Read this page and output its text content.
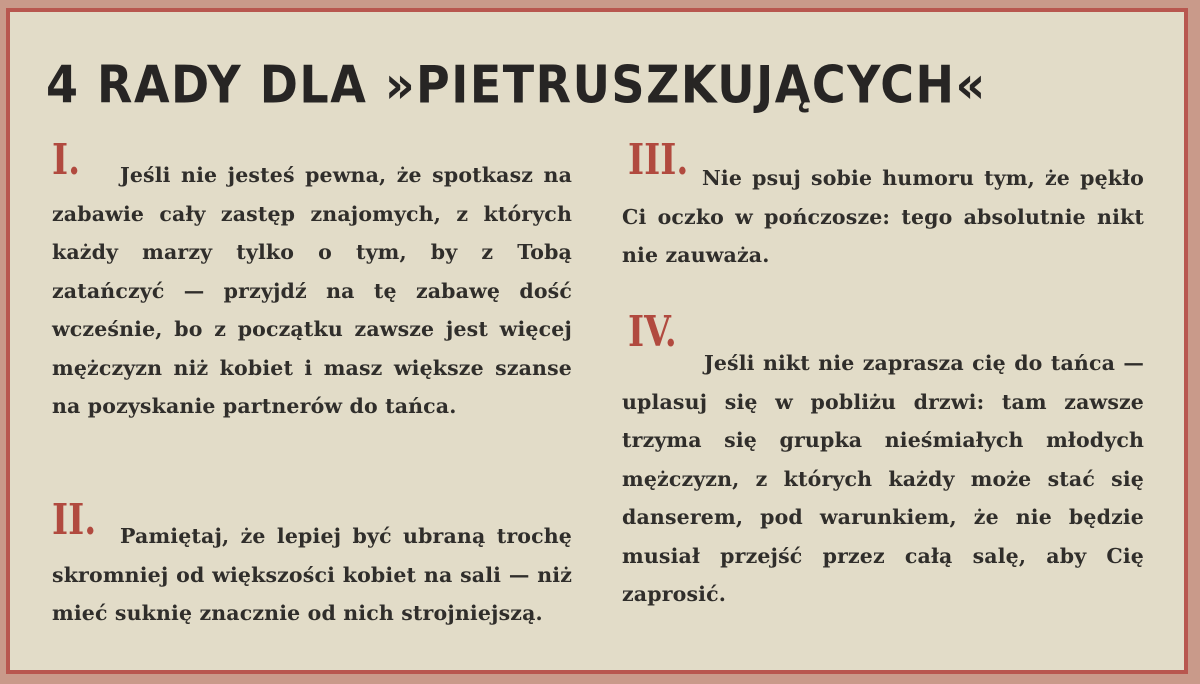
4 RADY DLA »PIETRUSZKUJĄCYCH«
I.	Jeśli nie jesteś pewna, że spotkasz na zabawie cały zastęp znajomych, z których każdy marzy tylko o tym, by z Tobą zatańczyć — przyjdź na tę zabawę dość wcześnie, bo z początku zawsze jest więcej mężczyzn niż kobiet i masz większe szanse na pozyskanie partnerów do tańca.

II.	Pamiętaj, że lepiej być ubraną trochę skromniej od większości kobiet na sali — niż mieć suknię znacznie od nich strojniejszą.

III. Nie psuj sobie humoru tym, że pękło Ci oczko w pończosze: tego absolutnie nikt nie zauważa.

IV.

Jeśli nikt nie zaprasza cię do tańca — uplasuj się w pobliżu drzwi: tam zawsze trzyma się grupka nieśmiałych młodych mężczyzn, z których każdy może stać się danserem, pod warunkiem, że nie będzie musiał przejść przez całą salę, aby Cię zaprosić.
